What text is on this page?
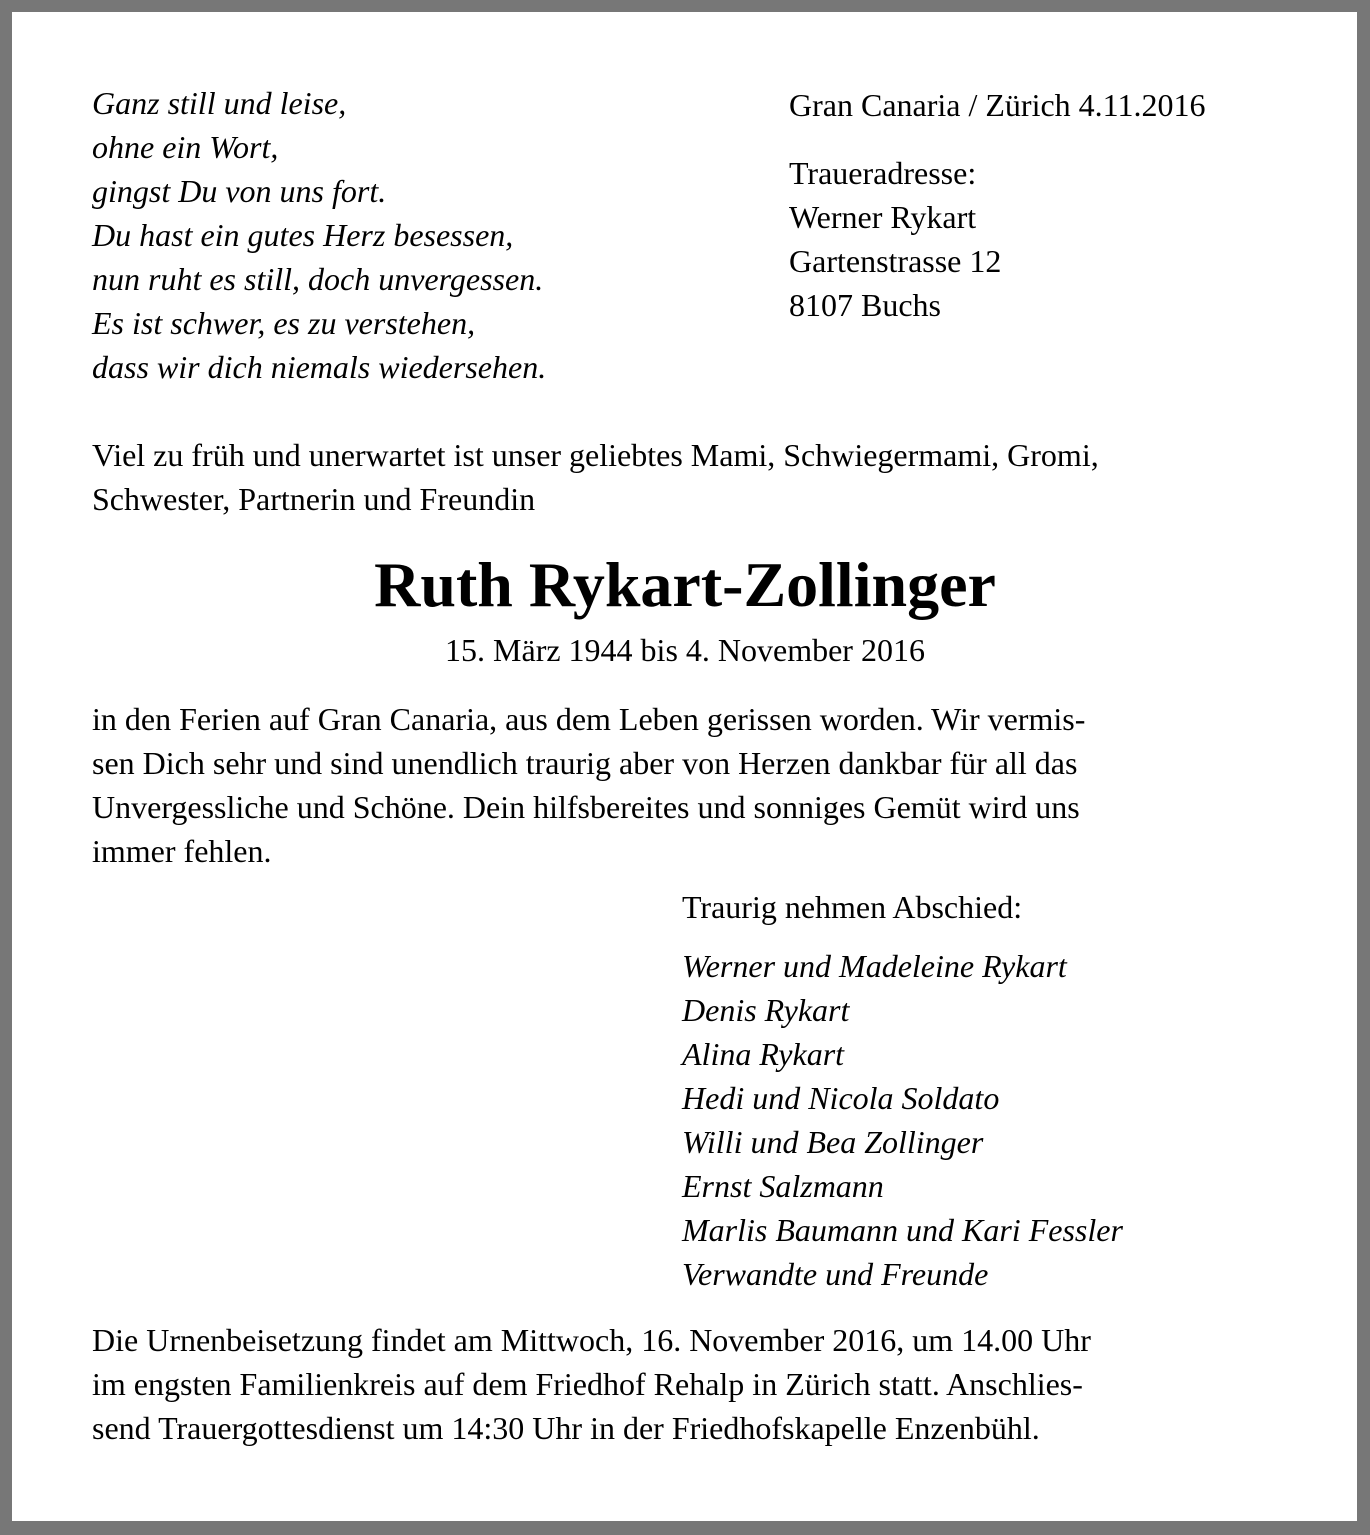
Ganz still und leise,
ohne ein Wort,
gingst Du von uns fort.
Du hast ein gutes Herz besessen,
nun ruht es still, doch unvergessen.
Es ist schwer, es zu verstehen,
dass wir dich niemals wiedersehen.
Gran Canaria / Zürich 4.11.2016
Traueradresse:
Werner Rykart
Gartenstrasse 12
8107 Buchs
Viel zu früh und unerwartet ist unser geliebtes Mami, Schwiegermami, Gromi,
Schwester, Partnerin und Freundin
Ruth Rykart-Zollinger
15. März 1944 bis 4. November 2016
in den Ferien auf Gran Canaria, aus dem Leben gerissen worden. Wir vermis-
sen Dich sehr und sind unendlich traurig aber von Herzen dankbar für all das
Unvergessliche und Schöne. Dein hilfsbereites und sonniges Gemüt wird uns
immer fehlen.
Traurig nehmen Abschied:
Werner und Madeleine Rykart
Denis Rykart
Alina Rykart
Hedi und Nicola Soldato
Willi und Bea Zollinger
Ernst Salzmann
Marlis Baumann und Kari Fessler
Verwandte und Freunde
Die Urnenbeisetzung findet am Mittwoch, 16. November 2016, um 14.00 Uhr
im engsten Familienkreis auf dem Friedhof Rehalp in Zürich statt. Anschlies-
send Trauergottesdienst um 14:30 Uhr in der Friedhofskapelle Enzenbühl.
